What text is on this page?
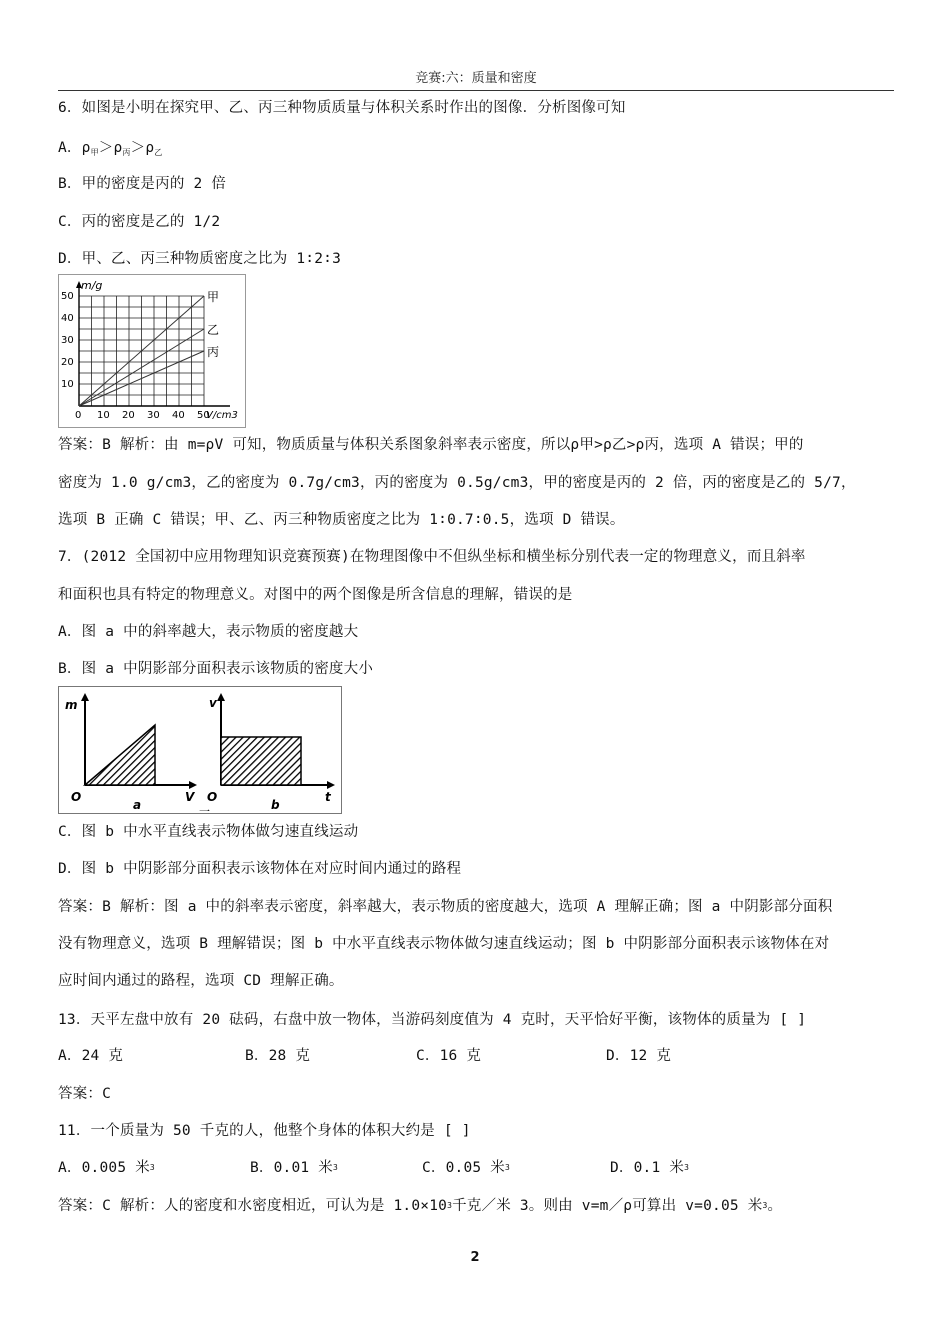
竞赛:六：质量和密度
6．如图是小明在探究甲、乙、丙三种物质质量与体积关系时作出的图像．分析图像可知
A．$\rho_甲>\rho_丙>\rho_乙$
B．甲的密度是丙的 2 倍
C．丙的密度是乙的 1/2
D．甲、乙、丙三种物质密度之比为 1∶2∶3
0 10 20 30 40 50
10
20
30
40
50
m/g
V/cm3
甲
乙
丙
答案：B 解析：由 m=ρV 可知，物质质量与体积关系图象斜率表示密度，所以ρ甲>ρ乙>ρ丙，选项 A 错误；甲的
密度为 1.0 g/cm3，乙的密度为 0.7g/cm3，丙的密度为 0.5g/cm3，甲的密度是丙的 2 倍，丙的密度是乙的 5/7，
选项 B 正确 C 错误；甲、乙、丙三种物质密度之比为 1∶0.7∶0.5，选项 D 错误。
7．(2012 全国初中应用物理知识竞赛预赛)在物理图像中不但纵坐标和横坐标分别代表一定的物理意义，而且斜率
和面积也具有特定的物理意义。对图中的两个图像是所含信息的理解，错误的是
A．图 a 中的斜率越大，表示物质的密度越大
B．图 a 中阴影部分面积表示该物质的密度大小
m
O	V
a
v
O	t
b
一
C．图 b 中水平直线表示物体做匀速直线运动
D．图 b 中阴影部分面积表示该物体在对应时间内通过的路程
答案：B 解析：图 a 中的斜率表示密度，斜率越大，表示物质的密度越大，选项 A 理解正确；图 a 中阴影部分面积
没有物理意义，选项 B 理解错误；图 b 中水平直线表示物体做匀速直线运动；图 b 中阴影部分面积表示该物体在对
应时间内通过的路程，选项 CD 理解正确。
13．天平左盘中放有 20 砝码，右盘中放一物体，当游码刻度值为 4 克时，天平恰好平衡，该物体的质量为 [ ]
A．24 克	B．28 克	C．16 克	D．12 克
答案：C
11．一个质量为 50 千克的人，他整个身体的体积大约是 [ ]
A．0.005 米$^3$	B．0.01 米$^3$	C．0.05 米$^3$	D．0.1 米$^3$
答案：C 解析：人的密度和水密度相近，可认为是 $1.0\times 10^3$千克／米 3。则由 v=m／ρ可算出 v=0.05 米$^3$。
2
